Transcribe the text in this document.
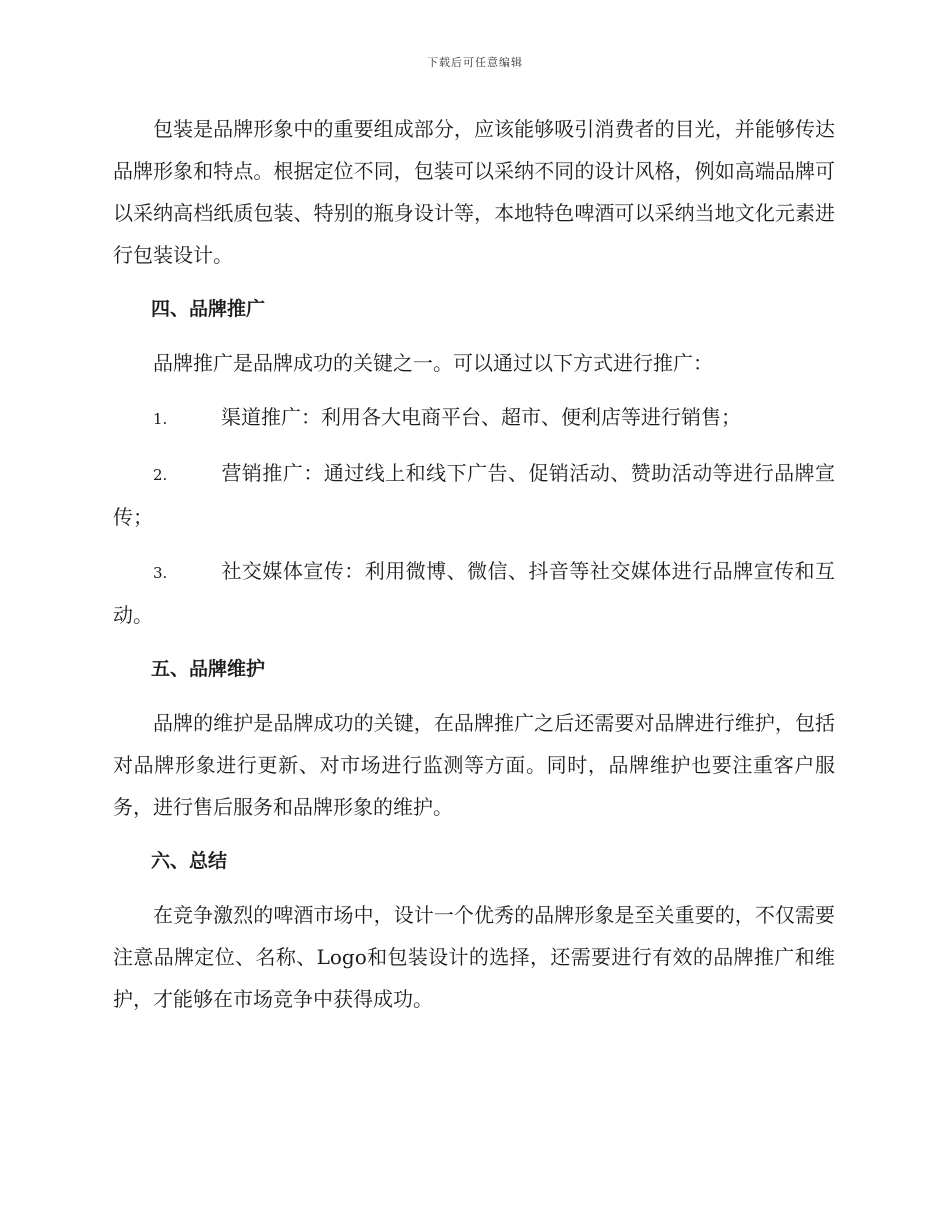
下载后可任意编辑

包装是品牌形象中的重要组成部分，应该能够吸引消费者的目光，并能够传达品牌形象和特点。根据定位不同，包装可以采纳不同的设计风格，例如高端品牌可以采纳高档纸质包装、特别的瓶身设计等，本地特色啤酒可以采纳当地文化元素进行包装设计。

四、品牌推广

品牌推广是品牌成功的关键之一。可以通过以下方式进行推广：

1.	渠道推广：利用各大电商平台、超市、便利店等进行销售；

2.	营销推广：通过线上和线下广告、促销活动、赞助活动等进行品牌宣传；

3.	社交媒体宣传：利用微博、微信、抖音等社交媒体进行品牌宣传和互动。

五、品牌维护

品牌的维护是品牌成功的关键，在品牌推广之后还需要对品牌进行维护，包括对品牌形象进行更新、对市场进行监测等方面。同时，品牌维护也要注重客户服务，进行售后服务和品牌形象的维护。

六、总结

在竞争激烈的啤酒市场中，设计一个优秀的品牌形象是至关重要的，不仅需要注意品牌定位、名称、Logo和包装设计的选择，还需要进行有效的品牌推广和维护，才能够在市场竞争中获得成功。
